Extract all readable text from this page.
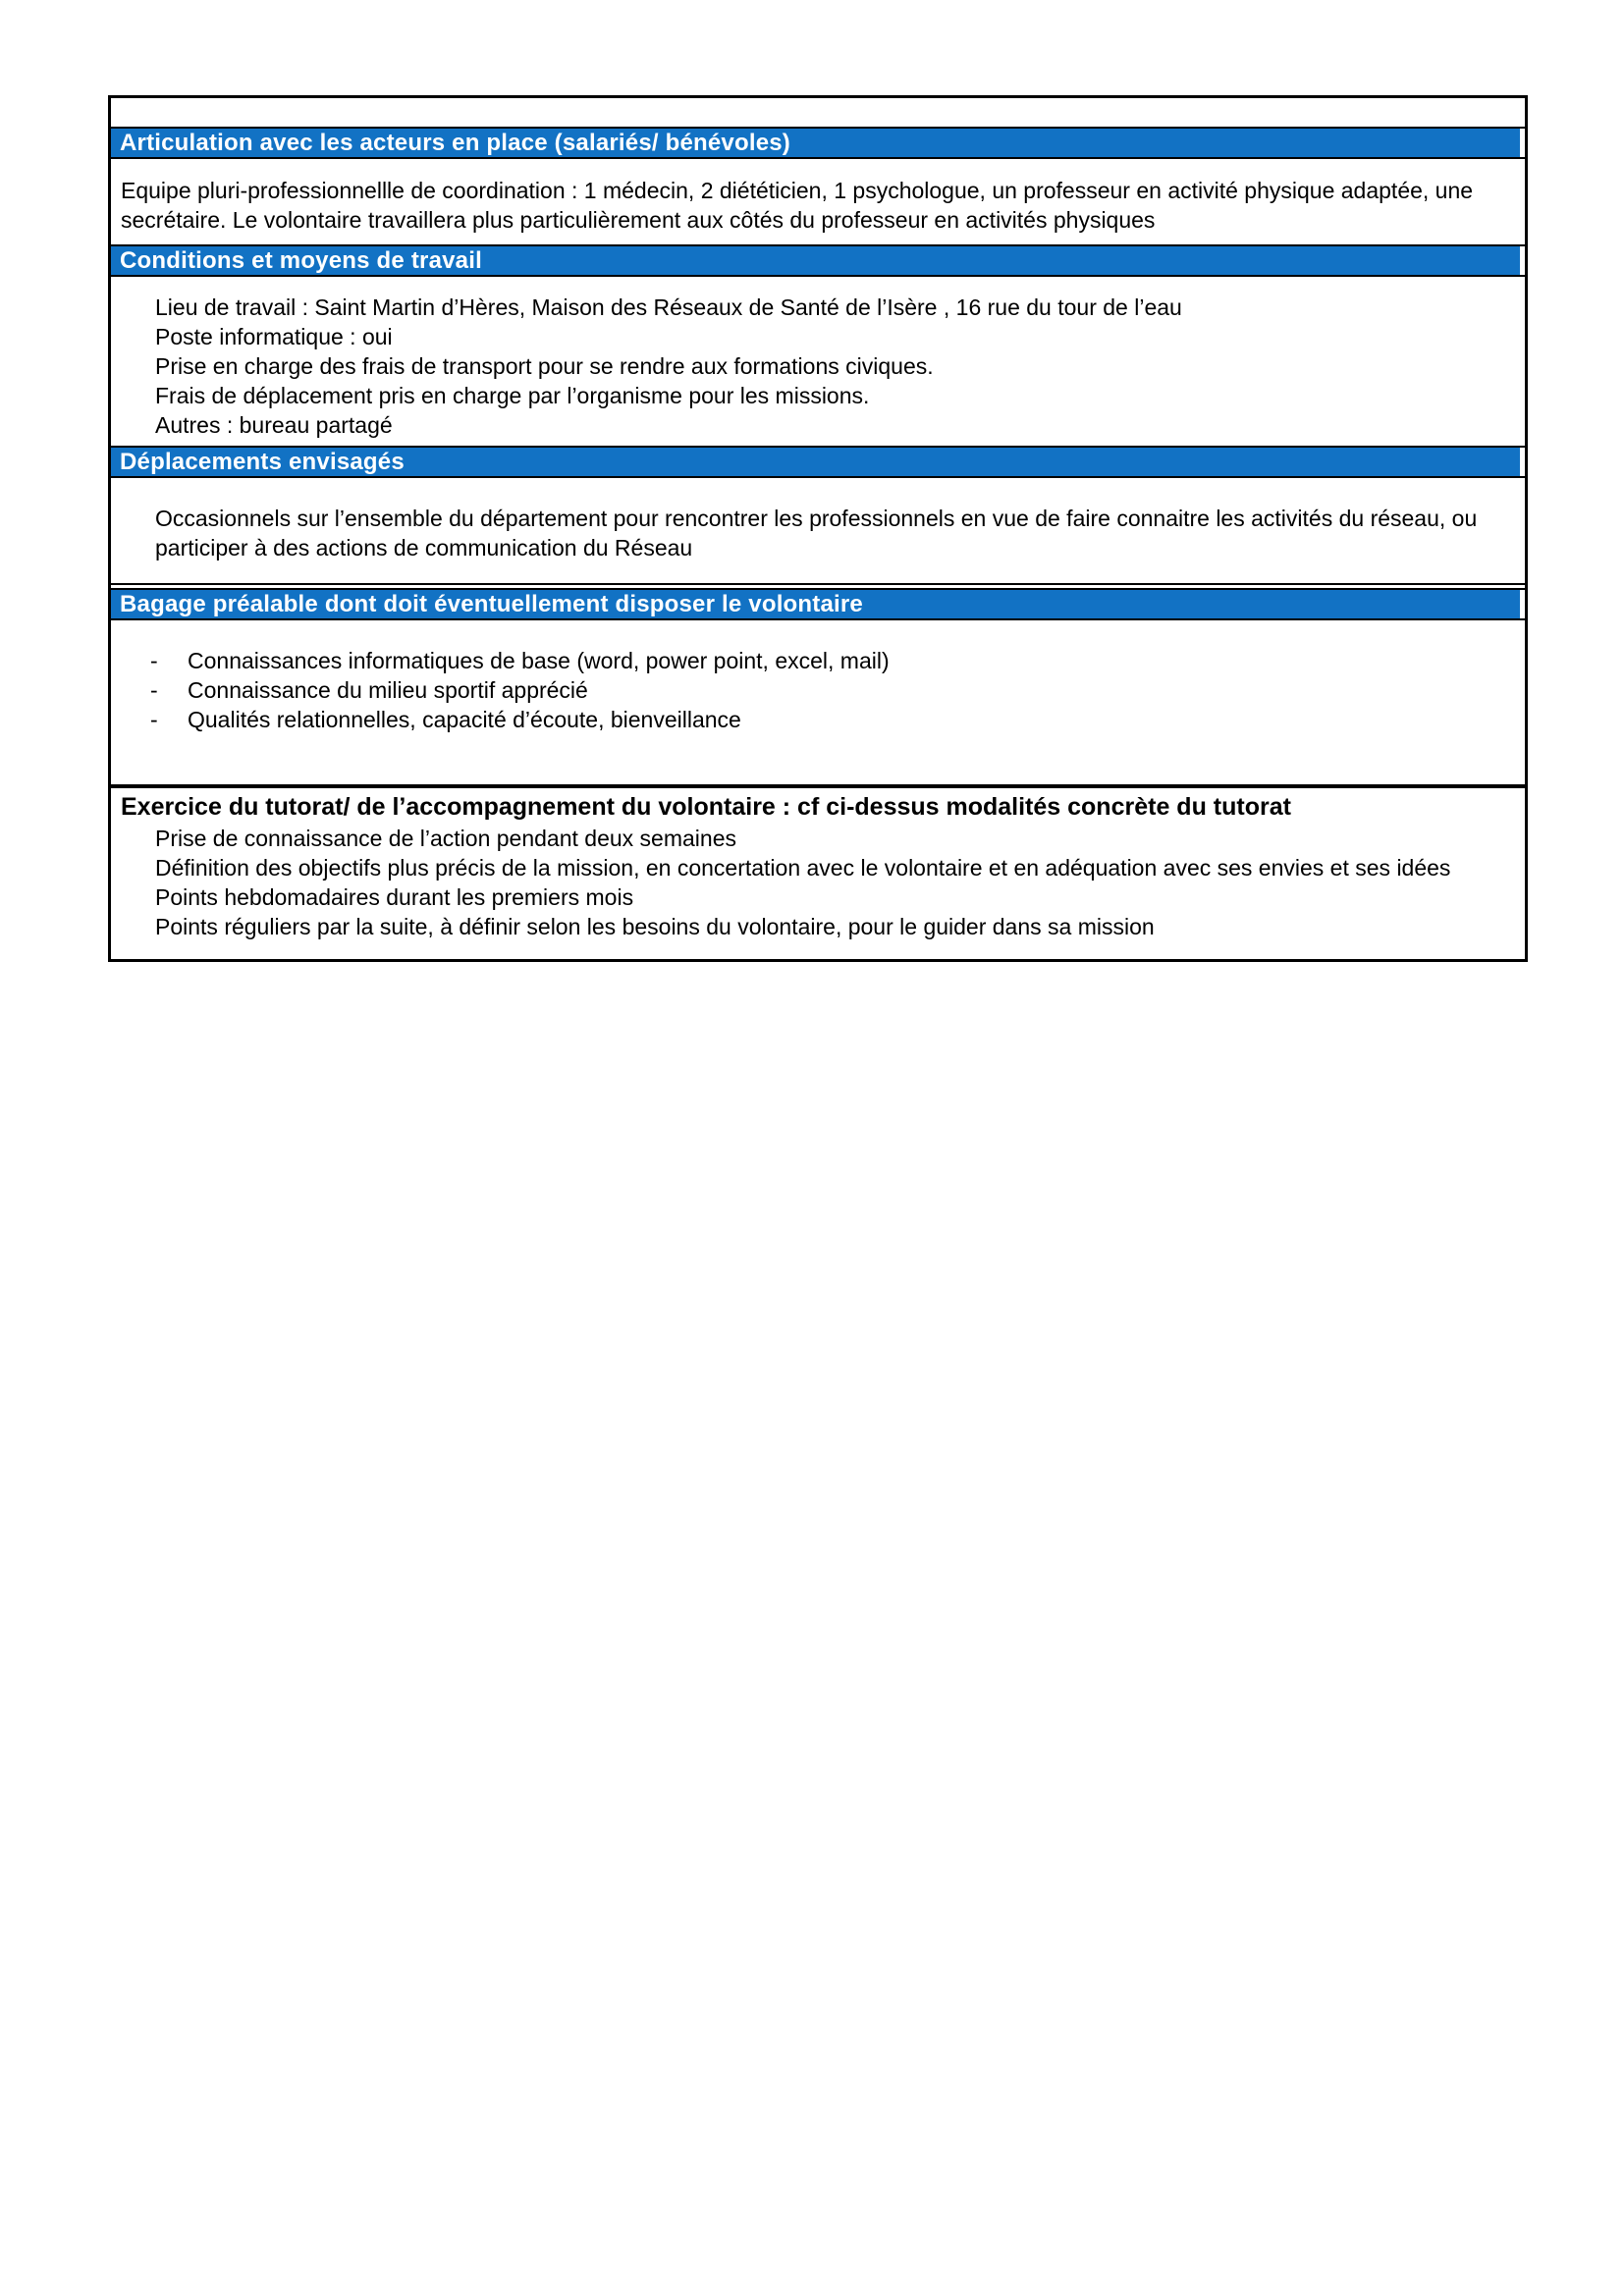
Articulation avec les acteurs en place (salariés/ bénévoles)

Equipe pluri-professionnellle de coordination : 1 médecin, 2 diététicien, 1 psychologue, un professeur en activité physique adaptée, une secrétaire. Le volontaire travaillera plus particulièrement aux côtés du professeur en activités physiques

Conditions et moyens de travail
Lieu de travail : Saint Martin d’Hères, Maison des Réseaux de Santé de l’Isère , 16 rue du tour de l’eau
Poste informatique : oui
Prise en charge des frais de transport pour se rendre aux formations civiques.
Frais de déplacement pris en charge par l’organisme pour les missions.
Autres : bureau partagé
Déplacements envisagés

Occasionnels sur l’ensemble du département pour rencontrer les professionnels en vue de faire connaitre les activités du réseau, ou participer à des actions de communication du Réseau

Bagage préalable dont doit éventuellement disposer le volontaire
-	Connaissances informatiques de base (word, power point, excel, mail)
-	Connaissance du milieu sportif apprécié
-	Qualités relationnelles, capacité d’écoute, bienveillance
Exercice du tutorat/ de l’accompagnement du volontaire : cf ci-dessus modalités concrète du tutorat
Prise de connaissance de l’action pendant deux semaines
Définition des objectifs plus précis de la mission, en concertation avec le volontaire et en adéquation avec ses envies et ses idées
Points hebdomadaires durant les premiers mois
Points réguliers par la suite, à définir selon les besoins du volontaire, pour le guider dans sa mission
